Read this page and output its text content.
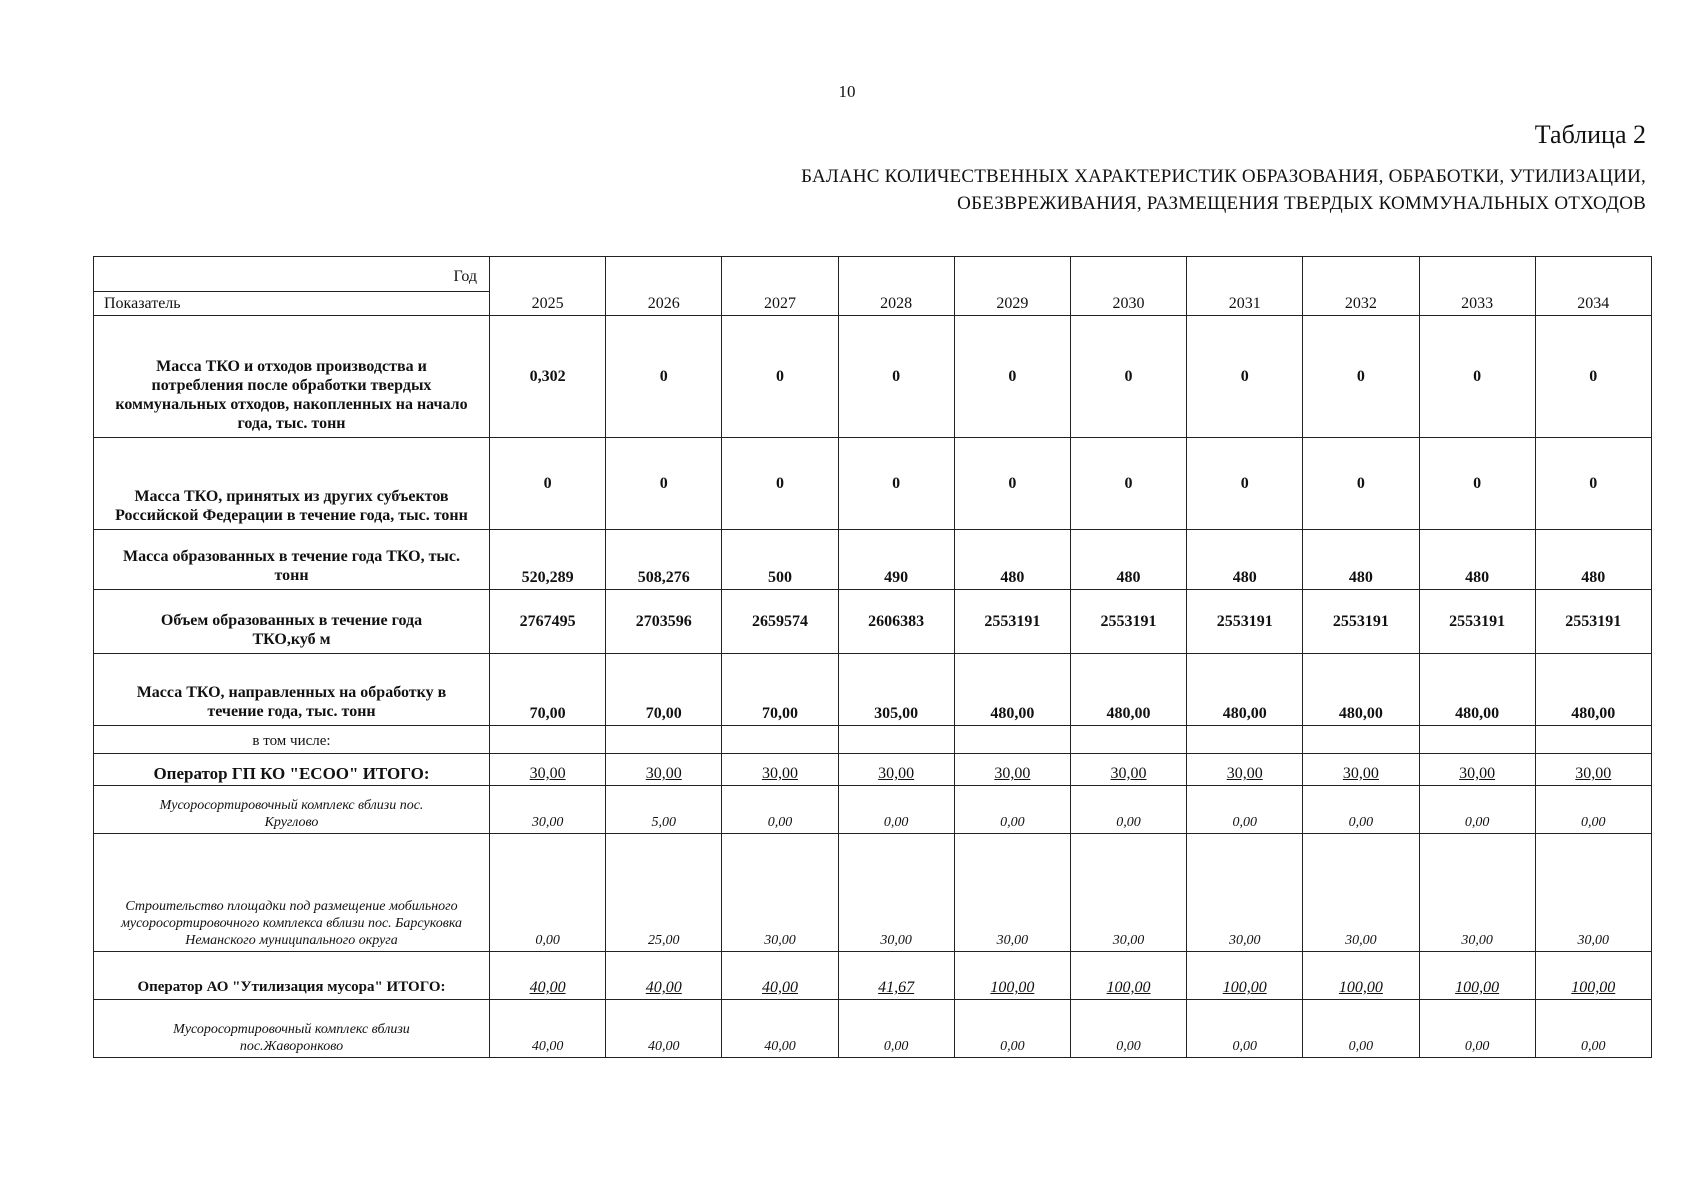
10
Таблица 2
БАЛАНС КОЛИЧЕСТВЕННЫХ ХАРАКТЕРИСТИК ОБРАЗОВАНИЯ, ОБРАБОТКИ, УТИЛИЗАЦИИ,
ОБЕЗВРЕЖИВАНИЯ, РАЗМЕЩЕНИЯ ТВЕРДЫХ КОММУНАЛЬНЫХ ОТХОДОВ
Год
Показатель	2025	2026	2027	2028	2029	2030	2031	2032	2033	2034
Масса ТКО и отходов производства и потребления после обработки твердых коммунальных отходов, накопленных на начало года, тыс. тонн	0,302	0	0	0	0	0	0	0	0	0
Масса ТКО, принятых из других субъектов Российской Федерации в течение года, тыс. тонн	0	0	0	0	0	0	0	0	0	0
Масса образованных в течение года ТКО, тыс. тонн	520,289	508,276	500	490	480	480	480	480	480	480
Объем образованных в течение года ТКО,куб м	2767495	2703596	2659574	2606383	2553191	2553191	2553191	2553191	2553191	2553191
Масса ТКО, направленных на обработку в течение года, тыс. тонн	70,00	70,00	70,00	305,00	480,00	480,00	480,00	480,00	480,00	480,00
в том числе:										
Оператор ГП КО "ЕСОО" ИТОГО:	30,00	30,00	30,00	30,00	30,00	30,00	30,00	30,00	30,00	30,00
Мусоросортировочный комплекс вблизи пос. Круглово	30,00	5,00	0,00	0,00	0,00	0,00	0,00	0,00	0,00	0,00
Строительство площадки под размещение мобильного мусоросортировочного комплекса вблизи пос. Барсуковка Неманского муниципального округа	0,00	25,00	30,00	30,00	30,00	30,00	30,00	30,00	30,00	30,00
Оператор АО "Утилизация мусора" ИТОГО:	40,00	40,00	40,00	41,67	100,00	100,00	100,00	100,00	100,00	100,00
Мусоросортировочный комплекс вблизи пос.Жаворонково	40,00	40,00	40,00	0,00	0,00	0,00	0,00	0,00	0,00	0,00
